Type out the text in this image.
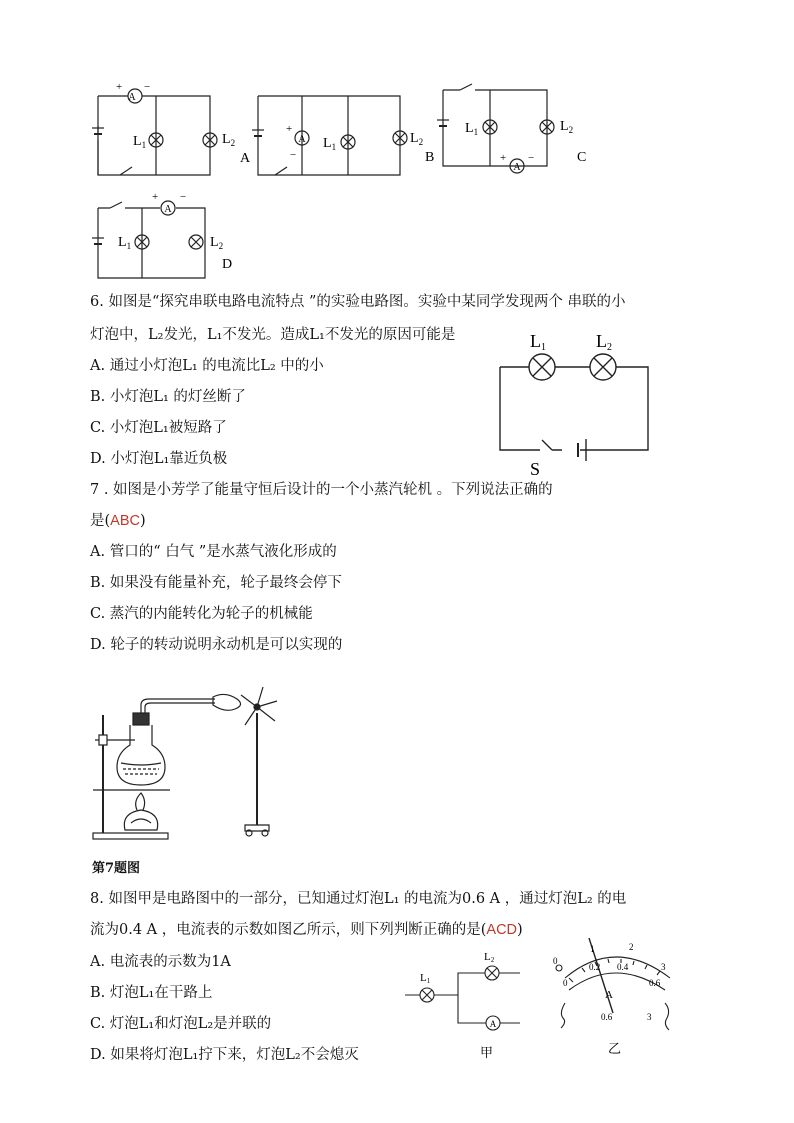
A
+ −
$L_1$	$L_2$	A
+
−
$L_1$
$L_2$
A
A
+ −
$L_1$	$L_2$
B	C
A
+ −
$L_1$	$L_2$
D
6. 如图是“探究串联电路电流特点 ”的实验电路图。实验中某同学发现两个 串联的小
灯泡中，L₂发光，L₁不发光。造成L₁不发光的原因可能是
A. 通过小灯泡L₁ 的电流比L₂ 中的小
B. 小灯泡L₁ 的灯丝断了
C. 小灯泡L₁被短路了
D. 小灯泡L₁靠近负极
L1	L2
S
7 . 如图是小芳学了能量守恒后设计的一个小蒸汽轮机 。下列说法正确的
是(ABC)
A. 管口的“ 白气 ”是水蒸气液化形成的
B. 如果没有能量补充，轮子最终会停下
C. 蒸汽的内能转化为轮子的机械能
D. 轮子的转动说明永动机是可以实现的
第7题图
8. 如图甲是电路图中的一部分，已知通过灯泡L₁ 的电流为0.6 A ，通过灯泡L₂ 的电
流为0.4 A ，电流表的示数如图乙所示，则下列判断正确的是(ACD)
A. 电流表的示数为1A
B. 灯泡L₁在干路上
C. 灯泡L₁和灯泡L₂是并联的
D. 如果将灯泡L₁拧下来，灯泡L₂不会熄灭
L1
L2
A
甲
1	2
3
0
0.2 0.4
0.6
0
A
0.6	3
乙
